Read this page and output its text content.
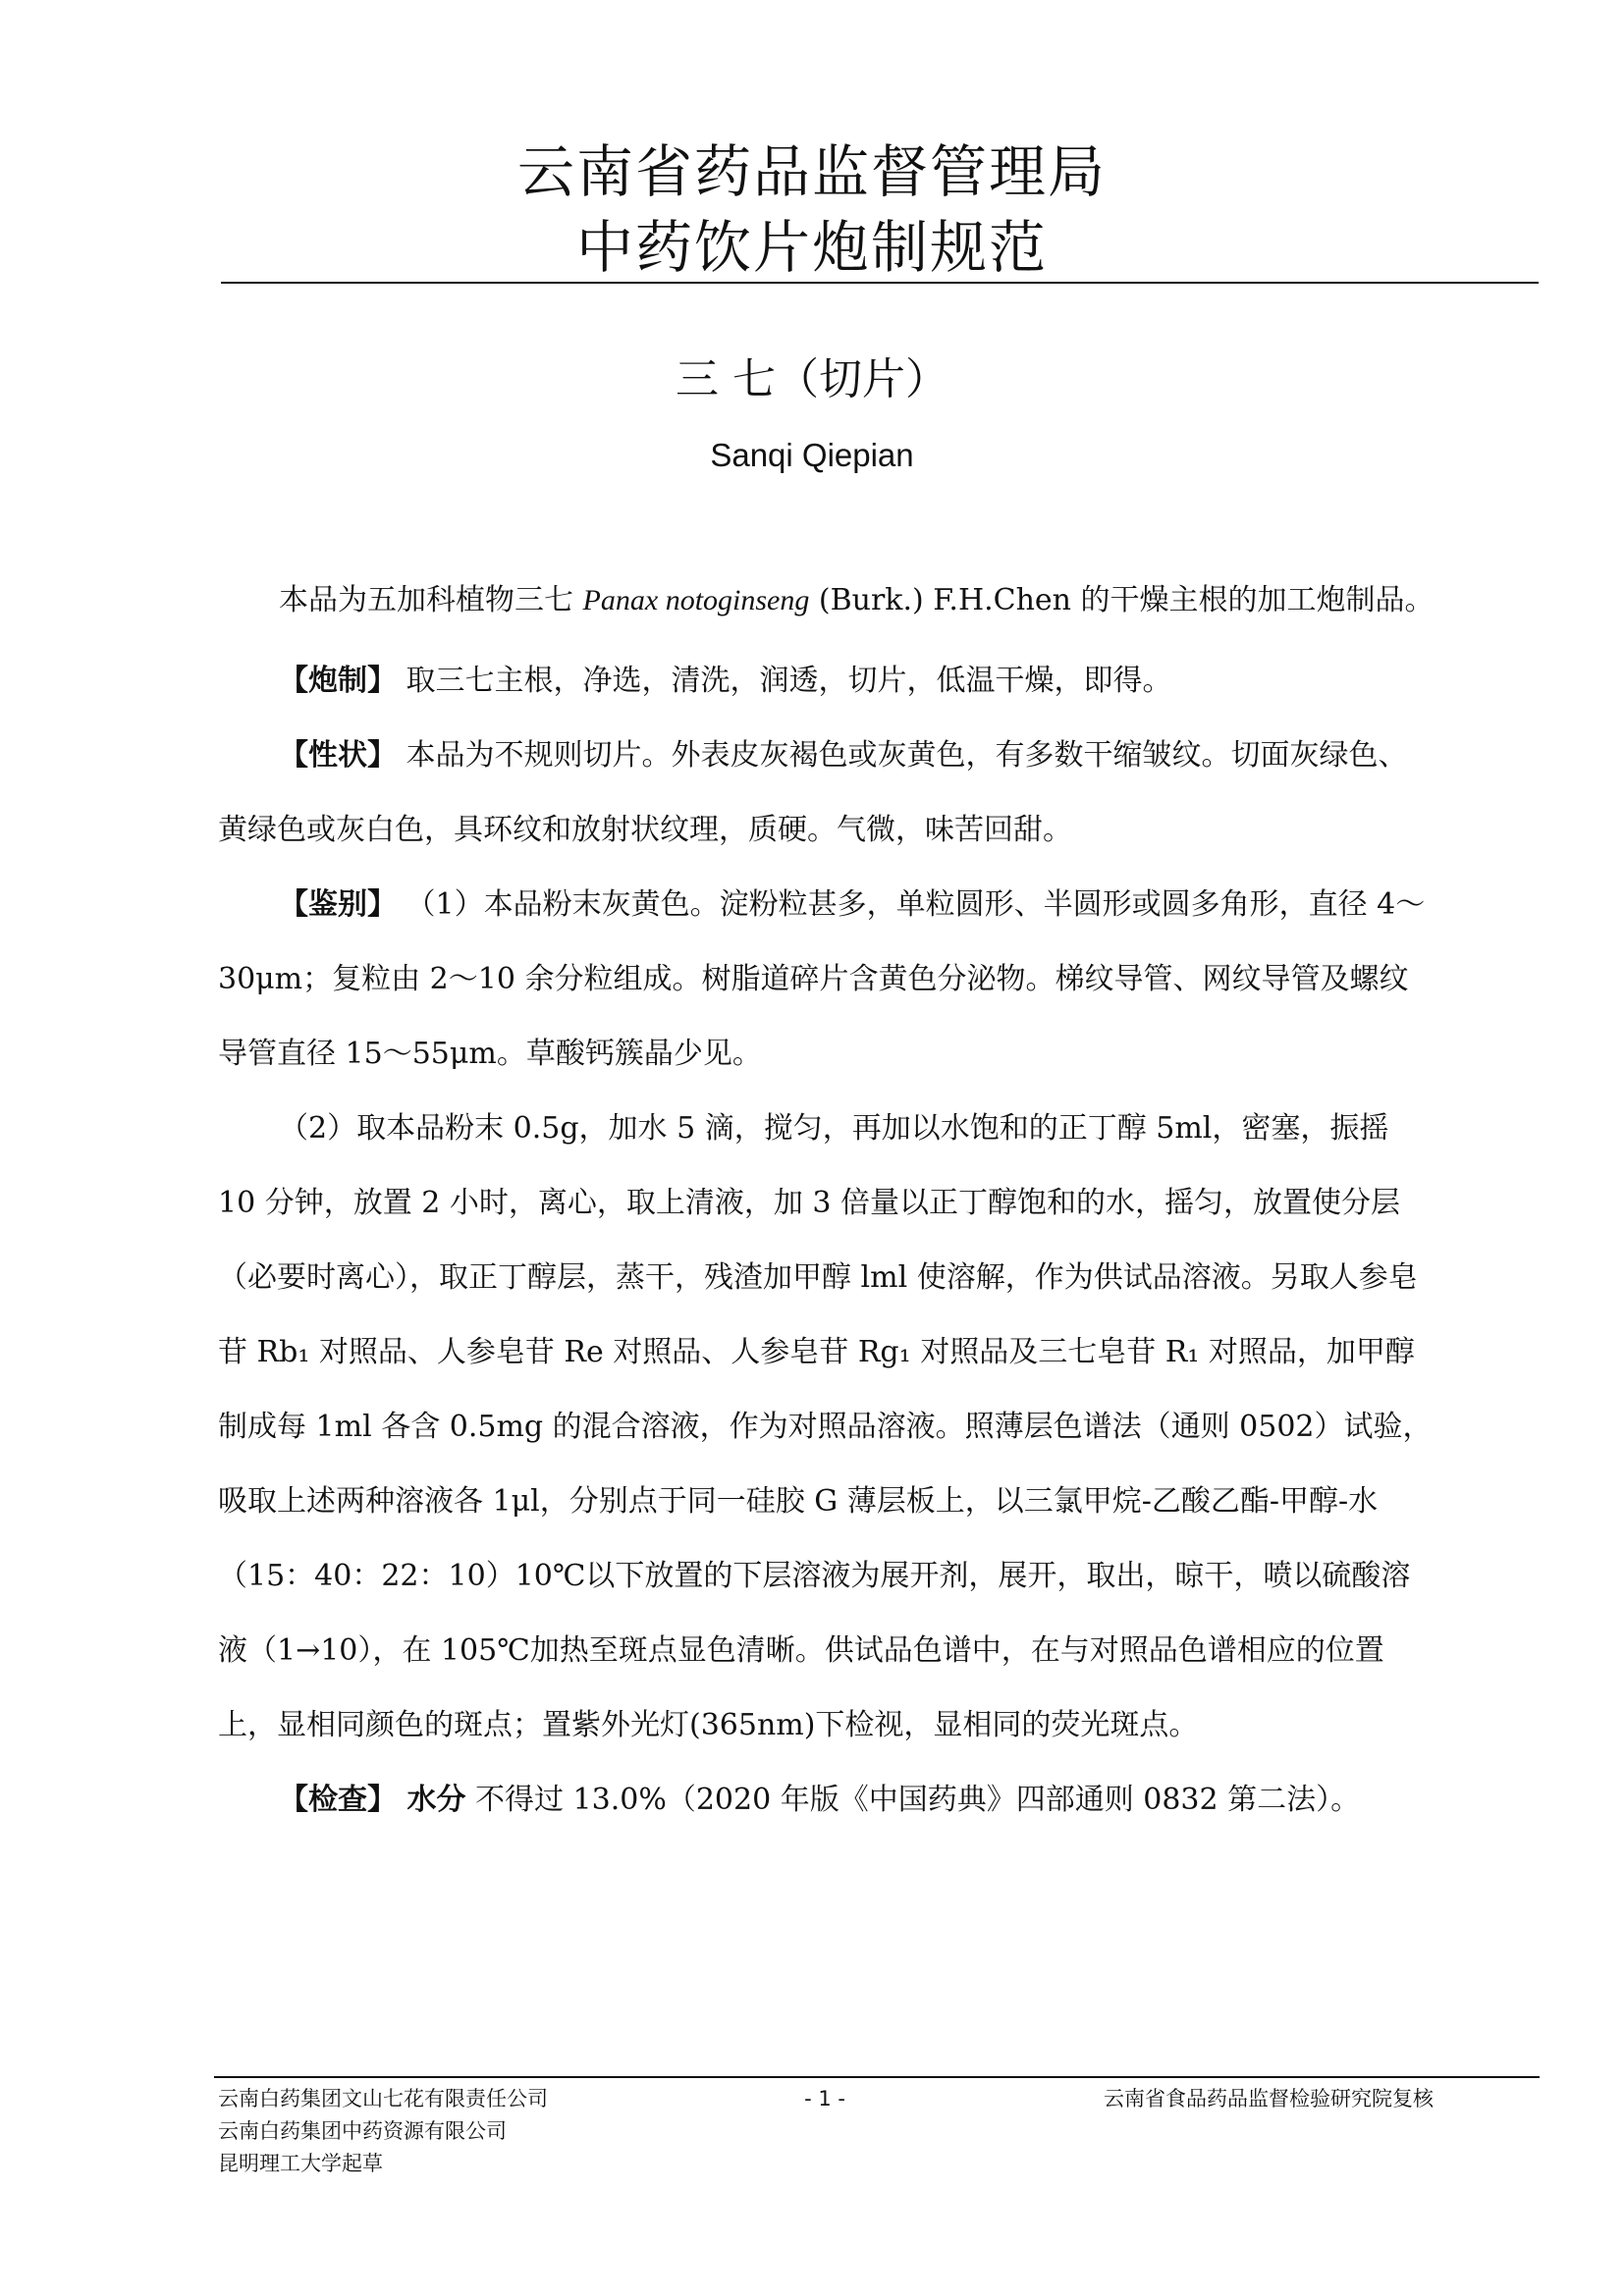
云南省药品监督管理局
中药饮片炮制规范
三 七（切片）
Sanqi Qiepian

本品为五加科植物三七 Panax notoginseng (Burk.) F.H.Chen 的干燥主根的加工炮制品。

【炮制】 取三七主根，净选，清洗，润透，切片，低温干燥，即得。

【性状】 本品为不规则切片。外表皮灰褐色或灰黄色，有多数干缩皱纹。切面灰绿色、黄绿色或灰白色，具环纹和放射状纹理，质硬。气微，味苦回甜。

【鉴别】 （1）本品粉末灰黄色。淀粉粒甚多，单粒圆形、半圆形或圆多角形，直径 4～30μm；复粒由 2～10 余分粒组成。树脂道碎片含黄色分泌物。梯纹导管、网纹导管及螺纹导管直径 15～55μm。草酸钙簇晶少见。

（2）取本品粉末 0.5g，加水 5 滴，搅匀，再加以水饱和的正丁醇 5ml，密塞，振摇 10 分钟，放置 2 小时，离心，取上清液，加 3 倍量以正丁醇饱和的水，摇匀，放置使分层（必要时离心），取正丁醇层，蒸干，残渣加甲醇 lml 使溶解，作为供试品溶液。另取人参皂苷 Rb₁ 对照品、人参皂苷 Re 对照品、人参皂苷 Rg₁ 对照品及三七皂苷 R₁ 对照品，加甲醇制成每 1ml 各含 0.5mg 的混合溶液，作为对照品溶液。照薄层色谱法（通则 0502）试验，吸取上述两种溶液各 1μl，分别点于同一硅胶 G 薄层板上，以三氯甲烷-乙酸乙酯-甲醇-水（15：40：22：10）10℃以下放置的下层溶液为展开剂，展开，取出，晾干，喷以硫酸溶液（1→10），在 105℃加热至斑点显色清晰。供试品色谱中，在与对照品色谱相应的位置上，显相同颜色的斑点；置紫外光灯(365nm)下检视，显相同的荧光斑点。

【检查】 水分 不得过 13.0%（2020 年版《中国药典》四部通则 0832 第二法）。

云南白药集团文山七花有限责任公司
云南白药集团中药资源有限公司
昆明理工大学起草
- 1 -	云南省食品药品监督检验研究院复核
